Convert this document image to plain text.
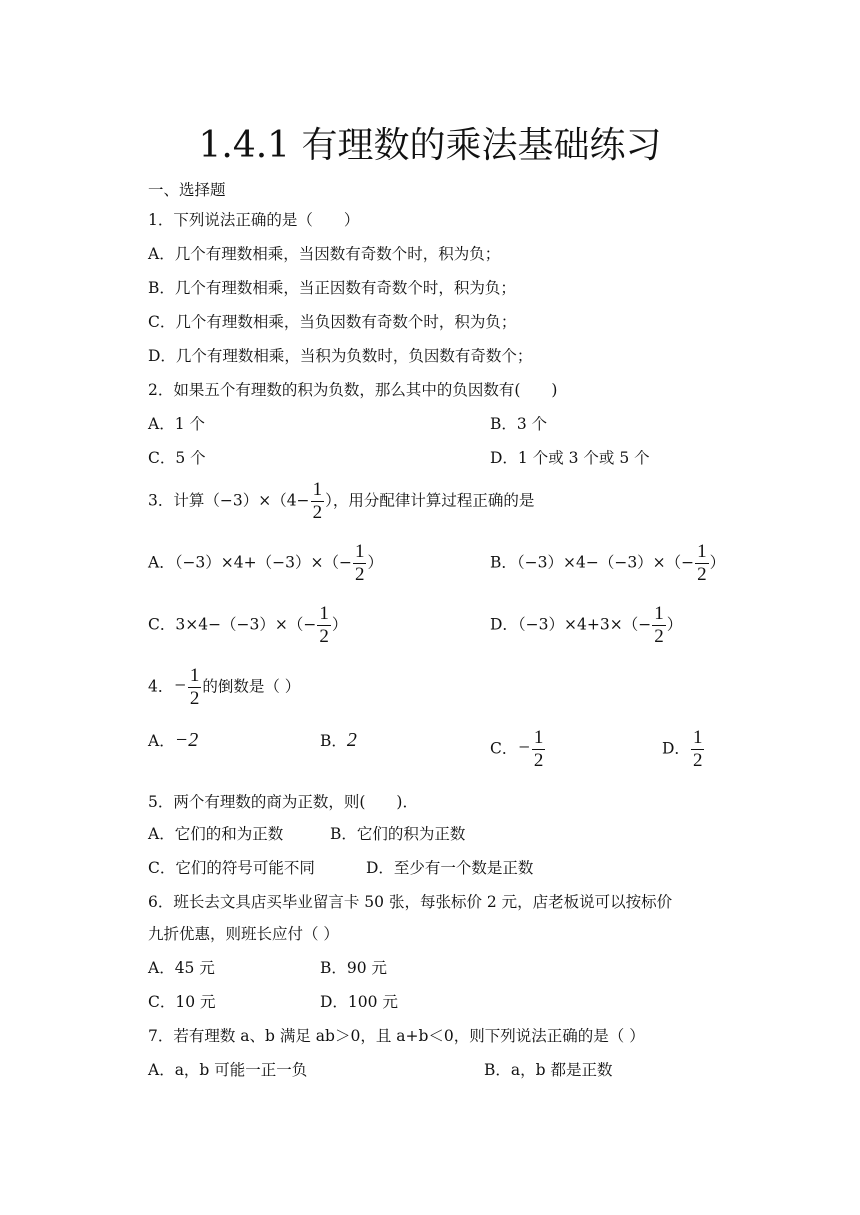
1.4.1 有理数的乘法基础练习
一、选择题
1．下列说法正确的是（　　）
A．几个有理数相乘，当因数有奇数个时，积为负；
B．几个有理数相乘，当正因数有奇数个时，积为负；
C．几个有理数相乘，当负因数有奇数个时，积为负；
D．几个有理数相乘，当积为负数时，负因数有奇数个；
2．如果五个有理数的积为负数，那么其中的负因数有(　　)
A．1 个	B．3 个
C．5 个	D．1 个或 3 个或 5 个
3．计算$(-3)\times(4- \frac{1}{2}$ ），用分配律计算过程正确的是
A．$(-3)\times 4+(-3)\times(- \frac{1}{2}$ ）	B．$(-3)\times 4-(-3)\times(- \frac{1}{2}$ ）
C．$3\times 4-(-3)\times(- \frac{1}{2}$ ）	D．$(-3)\times 4+3\times(- \frac{1}{2}$ ）
4．− $\frac{1}{2}$ 的倒数是（ ）
A．−2	B．2	C．− $\frac{1}{2}$	D． $\frac{1}{2}$
5．两个有理数的商为正数，则(　　)．
A．它们的和为正数	B．它们的积为正数
C．它们的符号可能不同	D．至少有一个数是正数
6．班长去文具店买毕业留言卡 50 张，每张标价 2 元，店老板说可以按标价
九折优惠，则班长应付（ ）
A．45 元	B．90 元
C．10 元	D．100 元
7．若有理数 a、b 满足 ab＞0，且 a+b＜0，则下列说法正确的是（ ）
A．a，b 可能一正一负	B．a，b 都是正数
